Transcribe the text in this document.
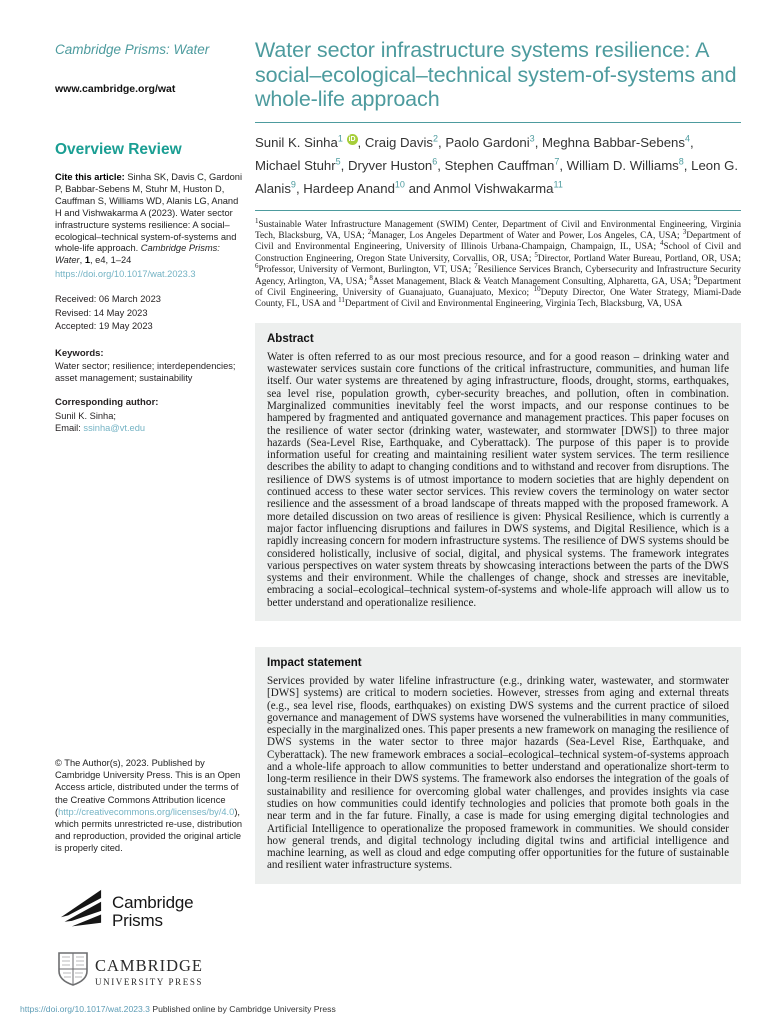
Cambridge Prisms: Water
www.cambridge.org/wat
Overview Review

Cite this article: Sinha SK, Davis C, Gardoni P, Babbar-Sebens M, Stuhr M, Huston D, Cauffman S, Williams WD, Alanis LG, Anand H and Vishwakarma A (2023). Water sector infrastructure systems resilience: A social–ecological–technical system-of-systems and whole-life approach. Cambridge Prisms: Water, 1, e4, 1–24

https://doi.org/10.1017/wat.2023.3
Received: 06 March 2023
Revised: 14 May 2023
Accepted: 19 May 2023
Keywords:
Water sector; resilience; interdependencies; asset management; sustainability
Corresponding author:
Sunil K. Sinha;
Email: ssinha@vt.edu

© The Author(s), 2023. Published by Cambridge University Press. This is an Open Access article, distributed under the terms of the Creative Commons Attribution licence (http://creativecommons.org/licenses/by/4.0), which permits unrestricted re-use, distribution and reproduction, provided the original article is properly cited.

Cambridge
Prisms
CAMBRIDGE
UNIVERSITY PRESS
Water sector infrastructure systems resilience: A social–ecological–technical system-of-systems and whole-life approach

Sunil K. Sinha$^1$ iD , Craig Davis$^2$, Paolo Gardoni$^3$, Meghna Babbar-Sebens$^4$, Michael Stuhr$^5$, Dryver Huston$^6$, Stephen Cauffman$^7$, William D. Williams$^8$, Leon G. Alanis$^9$, Hardeep Anand$^{10}$ and Anmol Vishwakarma$^{11}$

$^1$Sustainable Water Infrastructure Management (SWIM) Center, Department of Civil and Environmental Engineering, Virginia Tech, Blacksburg, VA, USA; $^2$Manager, Los Angeles Department of Water and Power, Los Angeles, CA, USA; $^3$Department of Civil and Environmental Engineering, University of Illinois Urbana-Champaign, Champaign, IL, USA; $^4$School of Civil and Construction Engineering, Oregon State University, Corvallis, OR, USA; $^5$Director, Portland Water Bureau, Portland, OR, USA; $^6$Professor, University of Vermont, Burlington, VT, USA; $^7$Resilience Services Branch, Cybersecurity and Infrastructure Security Agency, Arlington, VA, USA; $^8$Asset Management, Black & Veatch Management Consulting, Alpharetta, GA, USA; $^9$Department of Civil Engineering, University of Guanajuato, Guanajuato, Mexico; $^{10}$Deputy Director, One Water Strategy, Miami-Dade County, FL, USA and $^{11}$Department of Civil and Environmental Engineering, Virginia Tech, Blacksburg, VA, USA

Abstract

Water is often referred to as our most precious resource, and for a good reason – drinking water and wastewater services sustain core functions of the critical infrastructure, communities, and human life itself. Our water systems are threatened by aging infrastructure, floods, drought, storms, earthquakes, sea level rise, population growth, cyber-security breaches, and pollution, often in combination. Marginalized communities inevitably feel the worst impacts, and our response continues to be hampered by fragmented and antiquated governance and management practices. This paper focuses on the resilience of water sector (drinking water, wastewater, and stormwater [DWS]) to three major hazards (Sea-Level Rise, Earthquake, and Cyberattack). The purpose of this paper is to provide information useful for creating and maintaining resilient water system services. The term resilience describes the ability to adapt to changing conditions and to withstand and recover from disruptions. The resilience of DWS systems is of utmost importance to modern societies that are highly dependent on continued access to these water sector services. This review covers the terminology on water sector resilience and the assessment of a broad landscape of threats mapped with the proposed framework. A more detailed discussion on two areas of resilience is given: Physical Resilience, which is currently a major factor influencing disruptions and failures in DWS systems, and Digital Resilience, which is a rapidly increasing concern for modern infrastructure systems. The resilience of DWS systems should be considered holistically, inclusive of social, digital, and physical systems. The framework integrates various perspectives on water system threats by showcasing interactions between the parts of the DWS systems and their environment. While the challenges of change, shock and stresses are inevitable, embracing a social–ecological–technical system-of-systems and whole-life approach will allow us to better understand and operationalize resilience.

Impact statement

Services provided by water lifeline infrastructure (e.g., drinking water, wastewater, and stormwater [DWS] systems) are critical to modern societies. However, stresses from aging and external threats (e.g., sea level rise, floods, earthquakes) on existing DWS systems and the current practice of siloed governance and management of DWS systems have worsened the vulnerabilities in many communities, especially in the marginalized ones. This paper presents a new framework on managing the resilience of DWS systems in the water sector to three major hazards (Sea-Level Rise, Earthquake, and Cyberattack). The new framework embraces a social–ecological–technical system-of-systems approach and a whole-life approach to allow communities to better understand and operationalize short-term to long-term resilience in their DWS systems. The framework also endorses the integration of the goals of sustainability and resilience for overcoming global water challenges, and provides insights via case studies on how communities could identify technologies and policies that promote both goals in the near term and in the far future. Finally, a case is made for using emerging digital technologies and Artificial Intelligence to operationalize the proposed framework in communities. We should consider how general trends, and digital technology including digital twins and artificial intelligence and machine learning, as well as cloud and edge computing offer opportunities for the future of sustainable and resilient water infrastructure systems.

https://doi.org/10.1017/wat.2023.3 Published online by Cambridge University Press
